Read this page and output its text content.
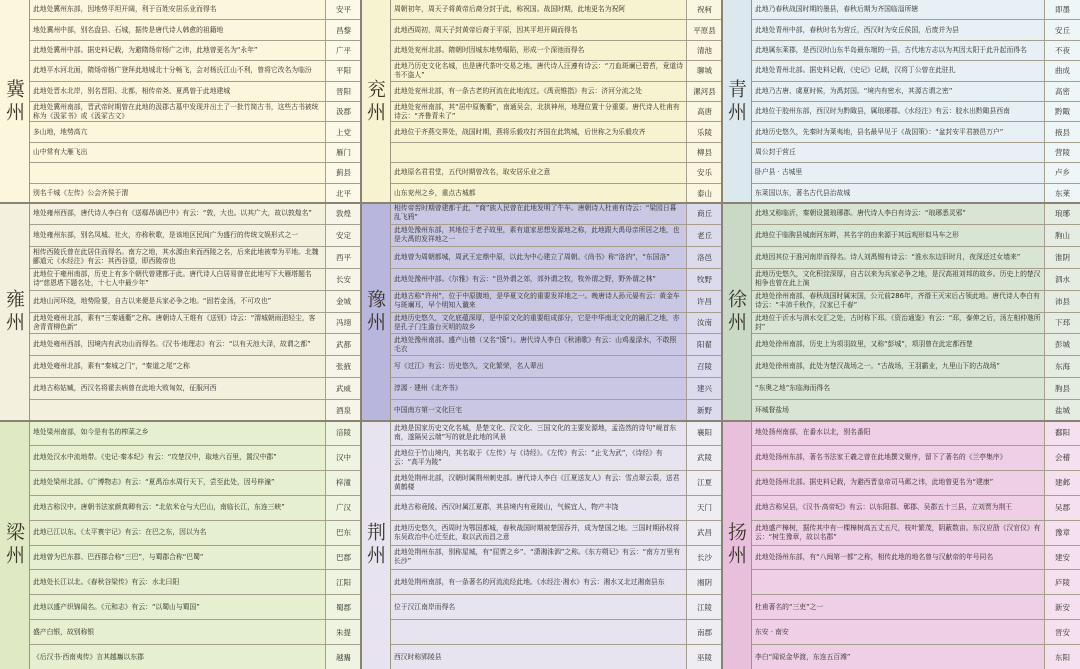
冀州
此地处冀州东部，因地势平坦开阔，利于百姓安居乐业而得名	安平
地处冀州中部，别名盘县、石城，据传是唐代诗人韩愈的祖籍地	昌黎
此地处冀州中部。据史料记载，为避隋炀帝杨广之讳，此地曾更名为“永年”	广平
此地平水河北面，隋炀帝杨广登拜此地城北十分畅飞，会对杨氏江山不利，曾将它改名为临汾	平阳
此地处晋水北岸，别名晋阳、北都，相传帝尧、夏禹曾于此地建城	晋阳
此地处冀州南部，晋武帝时期曾在此地的汲郡古墓中发现并出土了一批竹简古书，这些古书被统称为《汲冢书》或《汲冢古文》	汲郡
多山地，地势高亢	上党
山中常有大雁飞出	雁门
蓟县
别名千城《左传》公会齐侯于渭	北平
兖州
周朝初年，周天子将黄帝后裔分封于此，称祝国。战国时期，此地更名为祝阿	祝柯
此地西周初，周天子封黄帝后裔于平原，因其平坦开阔而得名	平原县
此地处兖州北部。隋朝时因城东地势塌陷，形成一个深池而得名	清池
此地乃历史文化名城，也是唐代茶叶交易之地。唐代诗人汪遵有诗云：“刀血斑斓已碧苔，竟道诗书不盗人”	聊城
此地处兖州北部，有一条古老的河流在此地流过。《禹贡锥指》有云：济河分流之处	漯河县
此地处兖州南部，其“居中原衡衢”，南通吴会，北拱神州，地理位置十分重要。唐代诗人杜甫有诗云：“齐鲁青未了”	高唐
此地位于齐燕交界处，战国时期，燕将乐毅攻打齐国在此筑城，后世称之为乐毅攻齐	乐陵
柳县
此地原名君君堂，五代时期曾改名，取安居乐业之意	安乐
山东兖州之乡，重点古城都	泰山
青州
此地乃春秋战国时期的墨县，春秋后期为齐国临淄所辖	即墨
此地处青州中部，春秋时名为营丘，西汉时为安丘侯国，后废并为县	安丘
此地属东莱郡，是西汉时山东半岛最东端的一县，古代地方志以为其因太阳于此升起而得名	不夜
此地处青州北部。据史料记载，《史记》记载，汉将丁公曾在此驻扎	曲成
此地乃古唐、虞夏时候，为禹封国。“境内有密水，其源古谓之密”	高密
此地位于胶州东部，西汉时为黔陬县，属琅琊郡。《水经注》有云：胶水出黔陬县西南	黔陬
此地历史悠久，先秦时为莱夷地，县名最早见于《战国策》：“盆封安平君掖邑万户”	掖县
周公封于营丘	营陵
卧户县 · 古城里	卢乡
东莱国以东，著名古代县治故城	东莱
雍州
地处雍州西部，唐代诗人李白有《送郗昂谪巴中》有云：“敦，大也。以其广大，故以敦煌名”	敦煌
地处雍州东部，别名凤城、社火，亦称秋歌，是该地区民间广为盛行的传统文娱形式之一	安定
相传西陵氏曾在此居住而得名。南方之地，其水源由来而西陵之名，后来此地被奉为平地。北魏郦道元《水经注》有云：其西谷望，即西陵帝也	西平
此地位于雍州南部，历史上有多个朝代曾建都于此。唐代诗人白居易曾在此地写下大雁塔题名诗“慈恩塔下题名处，十七人中最少年”	长安
此地山河环绕，地势险要，自古以来便是兵家必争之地。“固若金汤，不可攻也”	金城
此地处雍州北部，素有“三秦通衢”之称。唐朝诗人王维有《送别》诗云：“渭城朝雨浥轻尘，客舍青青柳色新”	冯翊
此地处雍州西部，因境内有武功山而得名。《汉书·地理志》有云：“以有天池大泽，故谓之都”	武都
此地处雍州北部，素有“秦城之门”，“秦道之尾”之称	张掖
此地古称姑臧，西汉名将霍去病曾在此地大败匈奴，征服河西	武威
酒泉
豫州
相传帝喾时期曾建都于此，“商”族人民曾在此地发明了牛车。唐朝诗人杜甫有诗云：“梁园日暮乱飞鸦”	商丘
此地处豫州东部，其地位于老子故里，素有道家思想发源地之称，此地跟大禹母亲所居之地，也是大禹的发祥地之一	老丘
此地曾为周朝都城，周武王定鼎中原，以此为中心建立了周朝。《尚书》称“洛汭”，“东国洛”	洛邑
此地处豫州中部。《尔雅》有云：“邑外谓之郊，郊外谓之牧，牧外谓之野，野外谓之林”	牧野
此地古称“许州”，位于中原腹地，是华夏文化的重要发祥地之一。晚唐诗人孙元晏有云：黄金车与斑斓耳，早个明知入谶来	许昌
此地历史悠久，文化底蕴深厚，是中原文化的重要组成部分，它是中华南北文化的融汇之地，亦是孔子门生澹台灭明的故乡	汝南
此地处豫州南部。盛产山楂（又名“馍”）。唐代诗人李白《秋浦歌》有云：山鸡羞渌水，不敢照毛衣	阳翟
写《过江》有云：历史悠久，文化繁荣，名人辈出	召陵
淳源 · 建州《北齐书》	建兴
中国南方第一文化巨宅	新野
徐州
此地又称临沂，秦朝设置琅琊郡。唐代诗人李白有诗云：“琅琊悉灵邪”	琅琊
此地位于临朐县城南河东畔，其名字的由来源于其远观形似马车之形	朐山
此地因其位于淮河南岸而得名。诗人刘禹锡有诗云：“淮水东边旧时月，夜深还过女墙来”	淮阴
此地历史悠久，文化积淀深厚，自古以来为兵家必争之地，是汉高祖刘邦的故乡。历史上的楚汉相争也曾在此上演	泗水
此地处徐州南部，春秋战国时属宋国，公元前286年，齐湣王灭宋后占领此地。唐代诗人李白有诗云：“丰沛千秋作，汉家已千春”	沛县
此地位于沂水与泗水交汇之处，古时称下邳。《资治通鉴》有云：“邳，泰伸之后，汤左相仲虺所封”	下邳
此地处徐州南部，历史上为项羽故里，又称“彭城”，项羽曾在此定都西楚	彭城
此地处徐州南部，此处为楚汉战场之一。“古战场，王羽霸业，九里山下的古战场”	东海
“东奥之地”东临海而得名	朐县
环城督盐场	盐城
梁州
地处梁州南部，如今是有名的榨菜之乡	涪陵
此地处汉水中流地带。《史记·秦本纪》有云：“攻楚汉中，取地六百里，置汉中郡”	汉中
此地处梁州北部。《广博物志》有云：“夏禹治水周行天下，尝至此处，因号梓潼”	梓潼
此地古称汉中。唐朝书法家颜真卿有云：“北依米仓与大巴山，南临长江，东连三峡”	广汉
此地已江以东。《太平寰宇记》有云：在巴之东，因以为名	巴东
此地曾为巴东郡、巴西郡合称“三巴”，与蜀郡合称“巴蜀”	巴郡
此地处长江以北。《春秋谷梁传》有云：水北曰阳	江阳
此地以盛产织锦闻名。《元和志》有云：“以蜀山与蜀国”	蜀郡
盛产白银，故别称银	朱提
《后汉书·西南夷传》言其越雟以东郡	越巂
荆州
此地是国家历史文化名城，是楚文化、汉文化、三国文化的主要发源地，孟浩然的诗句“岘首东南，遂隔吴云端”写的就是此地的风景	襄阳
此地位于竹山境内，其名取于《左传》与《诗经》。《左传》有云：“止戈为武”，《诗经》有云：“高平为陵”	武陵
此地处荆州北部，汉朝时属荆州刺史部。唐代诗人李白《江夏送友人》有云：雪点翠云裘，送君黄鹤楼	江夏
此地古称竟陵。西汉时属江夏郡，其县境内有竟陵山，气候宜人，物产丰饶	天门
此地历史悠久，西周时为鄂国都城，春秋战国时期被楚国吞并，成为楚国之地。三国时期孙权将东吴政治中心迁至此，取以武而昌之意	武昌
此地处荆州东部，别称星城，有“屈贾之乡”、“潇湘洙泗”之称。《东方朔记》有云：“南方万里有长沙”	长沙
此地处荆州南部，有一条著名的河流流经此地。《水经注·湘水》有云：湘水又北过湘南县东	湘阴
位于汉江南岸而得名	江陵
南郡
西汉时称郢陵县	巫陵
扬州
地处扬州南部，在番水以北，别名番阳	鄱阳
此地处扬州东部，著名书法家王羲之曾在此地撰文聚序，留下了著名的《兰亭集序》	会稽
此地处扬州北部。据史料记载，为避西晋皇帝司马邺之讳，此地曾更名为“建康”	建邺
此地古称吴县，《汉书·高帝纪》有云：以东阳郡、鄣郡、吴郡五十三县，立刘贾为荆王	吴郡
此地盛产樟树，据传其中有一棵樟树高五丈五尺，枝叶繁茂，阴蔽数亩。东汉应劭《汉官仪》有云：“树生豫章，故以名郡”	豫章
此地处扬州东部，有“八闽第一都”之称，相传此地的地名曾与汉献帝的年号同名	建安
庐陵
杜甫著名的“三吏”之一	新安
东安 · 南安	晋安
李白“闻说金华渡，东连五百滩”	东阳
